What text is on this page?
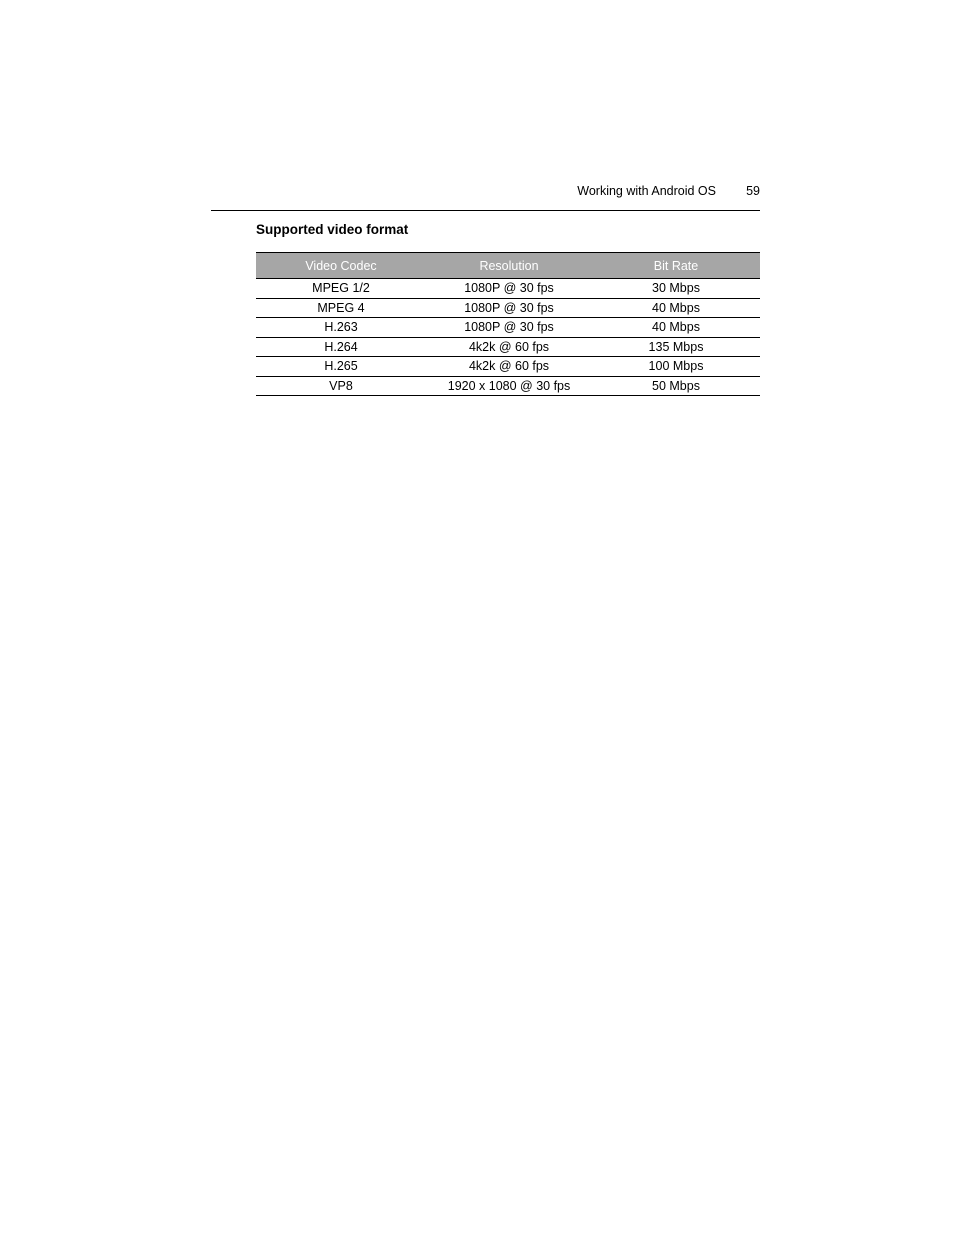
Working with Android OS 59
Supported video format
Video Codec	Resolution	Bit Rate
MPEG 1/2	1080P @ 30 fps	30 Mbps
MPEG 4	1080P @ 30 fps	40 Mbps
H.263	1080P @ 30 fps	40 Mbps
H.264	4k2k @ 60 fps	135 Mbps
H.265	4k2k @ 60 fps	100 Mbps
VP8	1920 x 1080 @ 30 fps	50 Mbps
